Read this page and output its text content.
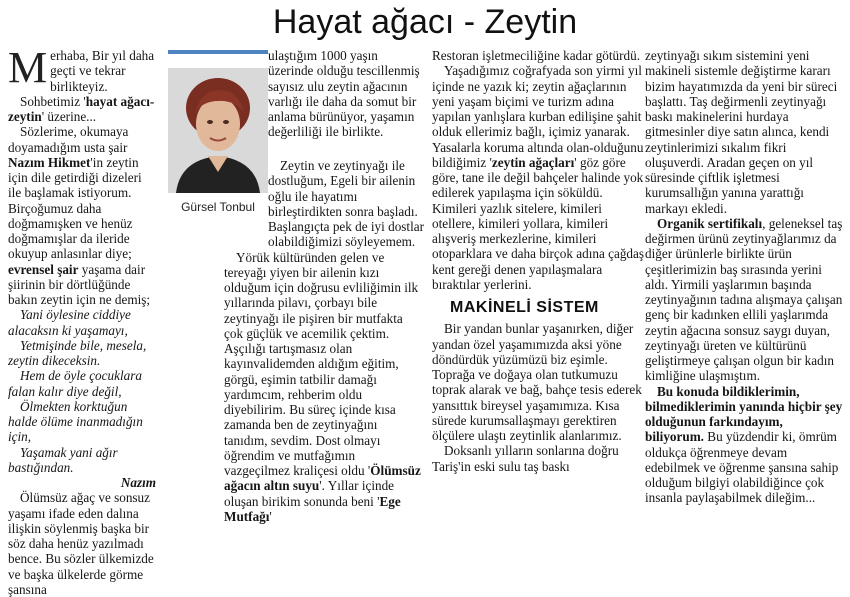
Hayat ağacı - Zeytin

Merhaba, Bir yıl daha geçti ve tekrar birlikteyiz.

Sohbetimiz 'hayat ağacı- zeytin' üzerine...

Sözlerime, okumaya doyamadığım usta şair Nazım Hikmet'in zeytin için dile getirdiği dizeleri ile başlamak istiyorum. Birçoğumuz daha doğmamışken ve henüz doğmamışlar da ileride okuyup anlasınlar diye; evrensel şair yaşama dair şiirinin bir dörtlüğünde bakın zeytin için ne demiş;

Yani öylesine ciddiye alacaksın ki yaşamayı,

Yetmişinde bile, mesela, zeytin dikeceksin.

Hem de öyle çocuklara falan kalır diye değil,

Ölmekten korktuğun halde ölüme inanmadığın için,

Yaşamak yani ağır bastığından.

Nazım

Ölümsüz ağaç ve sonsuz yaşamı ifade eden dalına ilişkin söylenmiş başka bir söz daha henüz yazılmadı bence. Bu sözler ülkemizde ve başka ülkelerde görme şansına

Gürsel Tonbul

ulaştığım 1000 yaşın üzerinde olduğu tescillenmiş sayısız ulu zeytin ağacının varlığı ile daha da somut bir anlama bürünüyor, yaşamın değerliliği ile birlikte.

Zeytin ve zeytinyağı ile dostluğum, Egeli bir ailenin oğlu ile hayatımı birleştirdikten sonra başladı. Başlangıçta pek de iyi dostlar olabildiğimizi söyleyemem.

Yörük kültüründen gelen ve tereyağı yiyen bir ailenin kızı olduğum için doğrusu evliliğimin ilk yıllarında pilavı, çorbayı bile zeytinyağı ile pişiren bir mutfakta çok güçlük ve acemilik çektim. Aşçılığı tartışmasız olan kayınvalidemden aldığım eğitim, görgü, eşimin tatbilir damağı yardımcım, rehberim oldu diyebilirim. Bu süreç içinde kısa zamanda ben de zeytinyağını tanıdım, sevdim. Dost olmayı öğrendim ve mutfağımın vazgeçilmez kraliçesi oldu 'Ölümsüz ağacın altın suyu'. Yıllar içinde oluşan birikim sonunda beni 'Ege Mutfağı'

Restoran işletmeciliğine kadar götürdü.

Yaşadığımız coğrafyada son yirmi yıl içinde ne yazık ki; zeytin ağaçlarının yeni yaşam biçimi ve turizm adına yapılan yanlışlara kurban edilişine şahit olduk ellerimiz bağlı, içimiz yanarak. Yasalarla koruma altında olan-olduğunu bildiğimiz 'zeytin ağaçları' göz göre göre, tane ile değil bahçeler halinde yok edilerek yapılaşma için söküldü. Kimileri yazlık sitelere, kimileri otellere, kimileri yollara, kimileri alışveriş merkezlerine, kimileri otoparklara ve daha birçok adına çağdaş kent gereği denen yapılaşmalara bıraktılar yerlerini.

MAKİNELİ SİSTEM

Bir yandan bunlar yaşanırken, diğer yandan özel yaşamımızda aksi yöne döndürdük yüzümüzü biz eşimle. Toprağa ve doğaya olan tutkumuzu toprak alarak ve bağ, bahçe tesis ederek yansıttık bireysel yaşamımıza. Kısa sürede kurumsallaşmayı gerektiren ölçülere ulaştı zeytinlik alanlarımız.

Doksanlı yılların sonlarına doğru Tariş'in eski sulu taş baskı

zeytinyağı sıkım sistemini yeni makineli sistemle değiştirme kararı bizim hayatımızda da yeni bir süreci başlattı. Taş değirmenli zeytinyağı baskı makinelerini hurdaya gitmesinler diye satın alınca, kendi zeytinlerimizi sıkalım fikri oluşuverdi. Aradan geçen on yıl süresinde çiftlik işletmesi kurumsallığın yanına yarattığı markayı ekledi.

Organik sertifikalı, geleneksel taş değirmen ürünü zeytinyağlarımız da diğer ürünlerle birlikte ürün çeşitlerimizin baş sırasında yerini aldı. Yirmili yaşlarımın başında zeytinyağının tadına alışmaya çalışan genç bir kadınken ellili yaşlarımda zeytin ağacına sonsuz saygı duyan, zeytinyağı üreten ve kültürünü geliştirmeye çalışan olgun bir kadın kimliğine ulaşmıştım.

Bu konuda bildiklerimin, bilmediklerimin yanında hiçbir şey olduğunun farkındayım, biliyorum. Bu yüzdendir ki, ömrüm oldukça öğrenmeye devam edebilmek ve öğrenme şansına sahip olduğum bilgiyi olabildiğince çok insanla paylaşabilmek dileğim...
